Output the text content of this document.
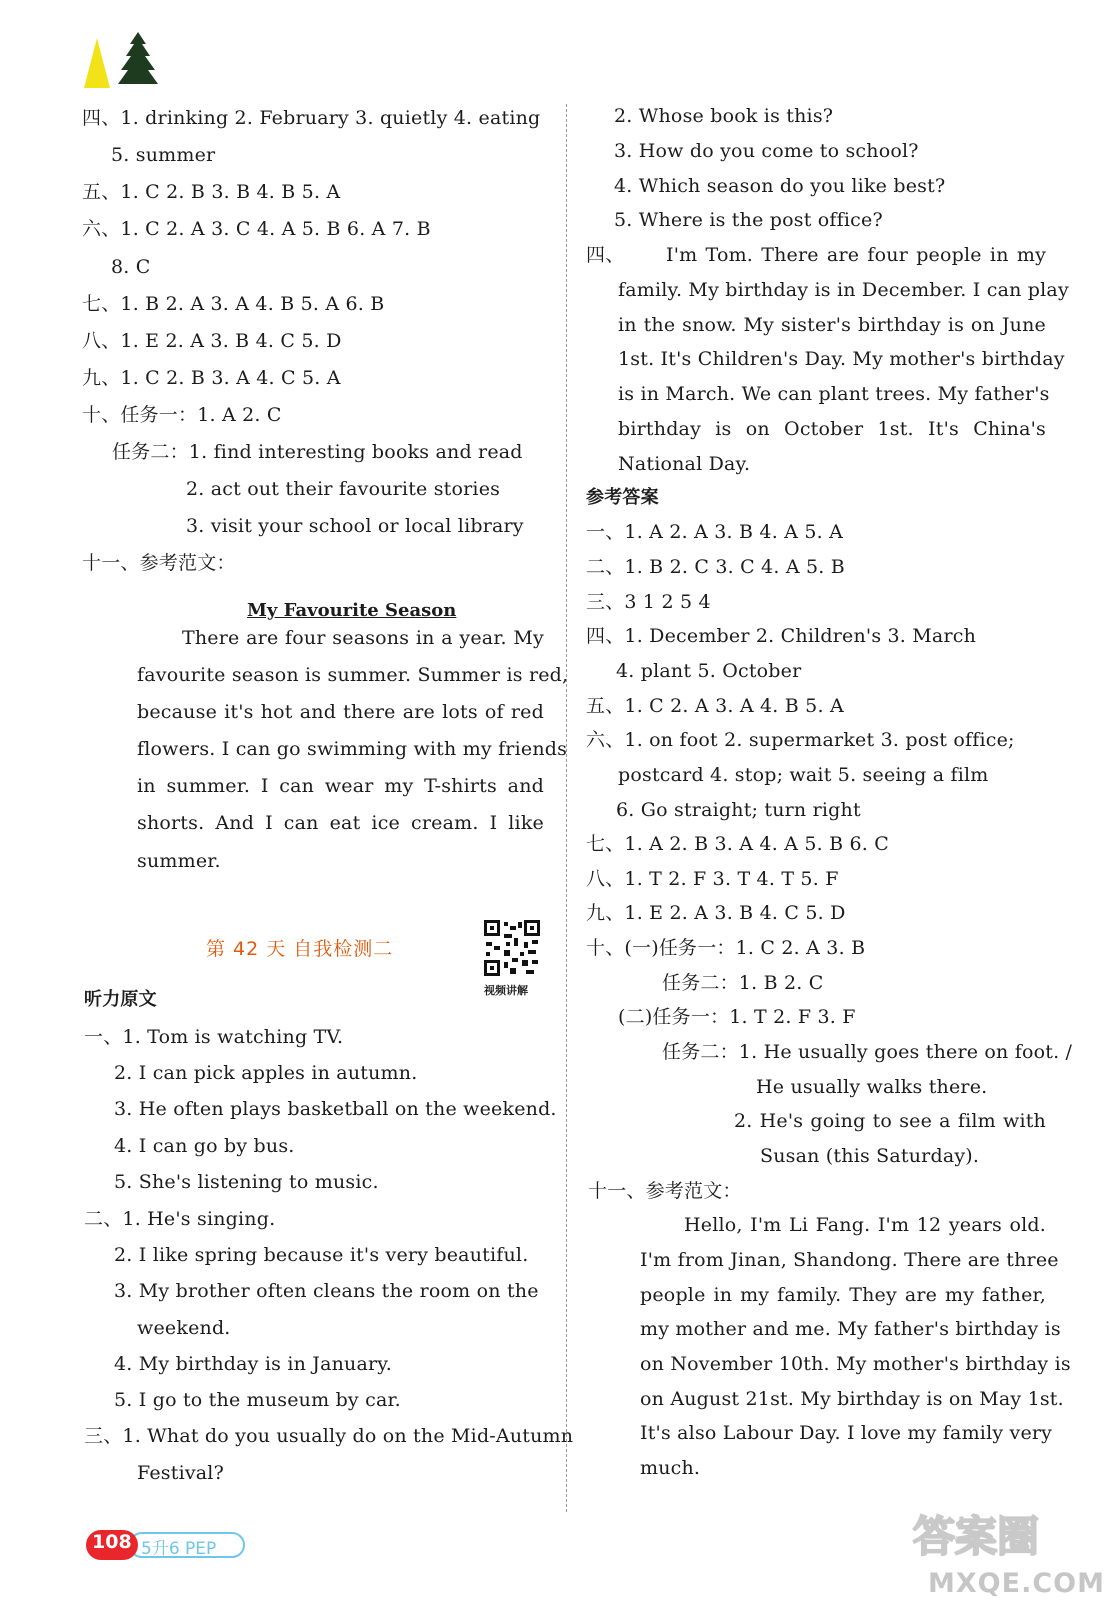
四、1. drinking 2. February 3. quietly 4. eating
5. summer
五、1. C 2. B 3. B 4. B 5. A
六、1. C 2. A 3. C 4. A 5. B 6. A 7. B
8. C
七、1. B 2. A 3. A 4. B 5. A 6. B
八、1. E 2. A 3. B 4. C 5. D
九、1. C 2. B 3. A 4. C 5. A
十、任务一：1. A 2. C
任务二：1. find interesting books and read
2. act out their favourite stories
3. visit your school or local library
十一、参考范文：
My Favourite Season
There are four seasons in a year. My
favourite season is summer. Summer is red,
because it's hot and there are lots of red
flowers. I can go swimming with my friends
in summer. I can wear my T-shirts and
shorts. And I can eat ice cream. I like
summer.
第 42 天 自我检测二
视频讲解
听力原文
一、1. Tom is watching TV.
2. I can pick apples in autumn.
3. He often plays basketball on the weekend.
4. I can go by bus.
5. She's listening to music.
二、1. He's singing.
2. I like spring because it's very beautiful.
3. My brother often cleans the room on the
weekend.
4. My birthday is in January.
5. I go to the museum by car.
三、1. What do you usually do on the Mid-Autumn
Festival?
2. Whose book is this?
3. How do you come to school?
4. Which season do you like best?
5. Where is the post office?
四、 I'm Tom. There are four people in my
family. My birthday is in December. I can play
in the snow. My sister's birthday is on June
1st. It's Children's Day. My mother's birthday
is in March. We can plant trees. My father's
birthday is on October 1st. It's China's
National Day.
参考答案
一、1. A 2. A 3. B 4. A 5. A
二、1. B 2. C 3. C 4. A 5. B
三、3 1 2 5 4
四、1. December 2. Children's 3. March
4. plant 5. October
五、1. C 2. A 3. A 4. B 5. A
六、1. on foot 2. supermarket 3. post office;
postcard 4. stop; wait 5. seeing a film
6. Go straight; turn right
七、1. A 2. B 3. A 4. A 5. B 6. C
八、1. T 2. F 3. T 4. T 5. F
九、1. E 2. A 3. B 4. C 5. D
十、(一)任务一：1. C 2. A 3. B
任务二：1. B 2. C
(二)任务一：1. T 2. F 3. F
任务二：1. He usually goes there on foot. /
He usually walks there.
2. He's going to see a film with
Susan (this Saturday).
十一、参考范文：
Hello, I'm Li Fang. I'm 12 years old.
I'm from Jinan, Shandong. There are three
people in my family. They are my father,
my mother and me. My father's birthday is
on November 10th. My mother's birthday is
on August 21st. My birthday is on May 1st.
It's also Labour Day. I love my family very
much.
108 5升6 PEP	答案圈
MXQE.COM
